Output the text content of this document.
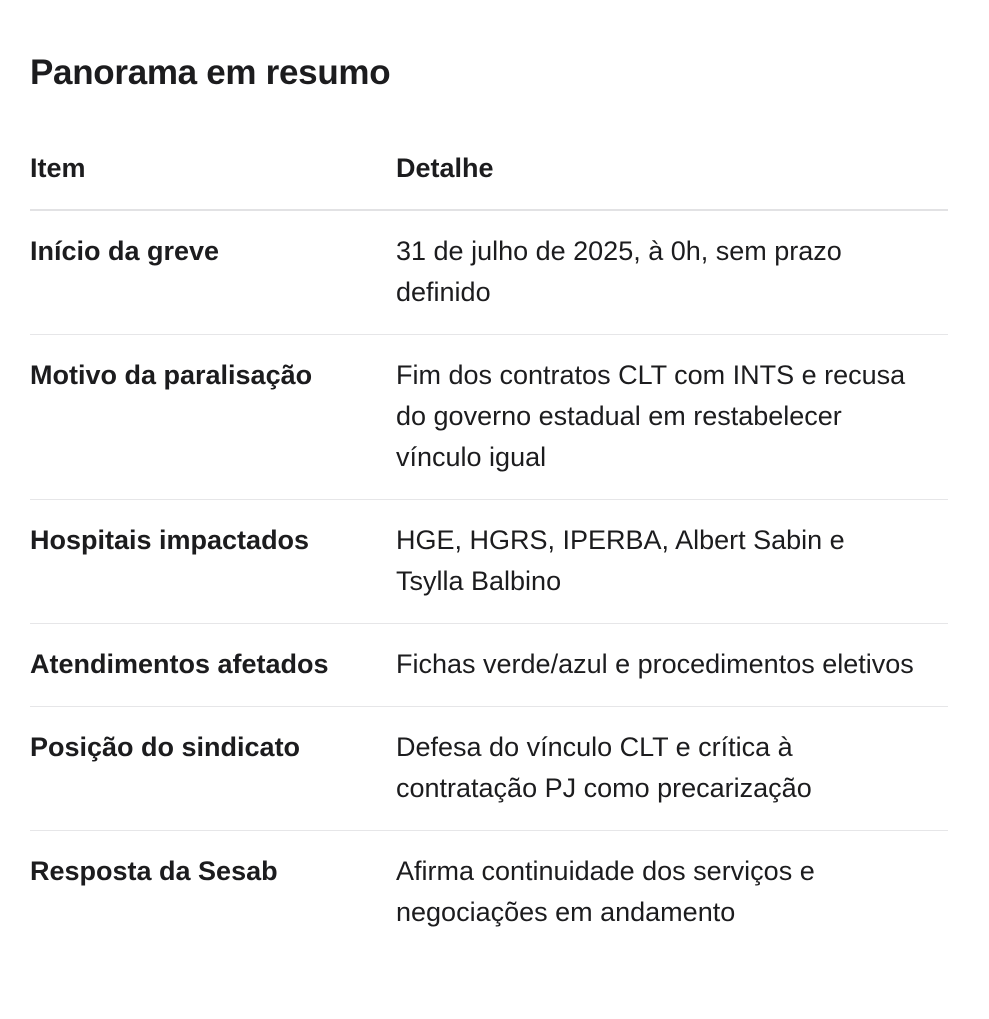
Panorama em resumo
Item	Detalhe
Início da greve	31 de julho de 2025, à 0h, sem prazo definido
Motivo da paralisação	Fim dos contratos CLT com INTS e recusa do governo estadual em restabelecer vínculo igual
Hospitais impactados	HGE, HGRS, IPERBA, Albert Sabin e Tsylla Balbino
Atendimentos afetados	Fichas verde/azul e procedimentos eletivos
Posição do sindicato	Defesa do vínculo CLT e crítica à contratação PJ como precarização
Resposta da Sesab	Afirma continuidade dos serviços e negociações em andamento
